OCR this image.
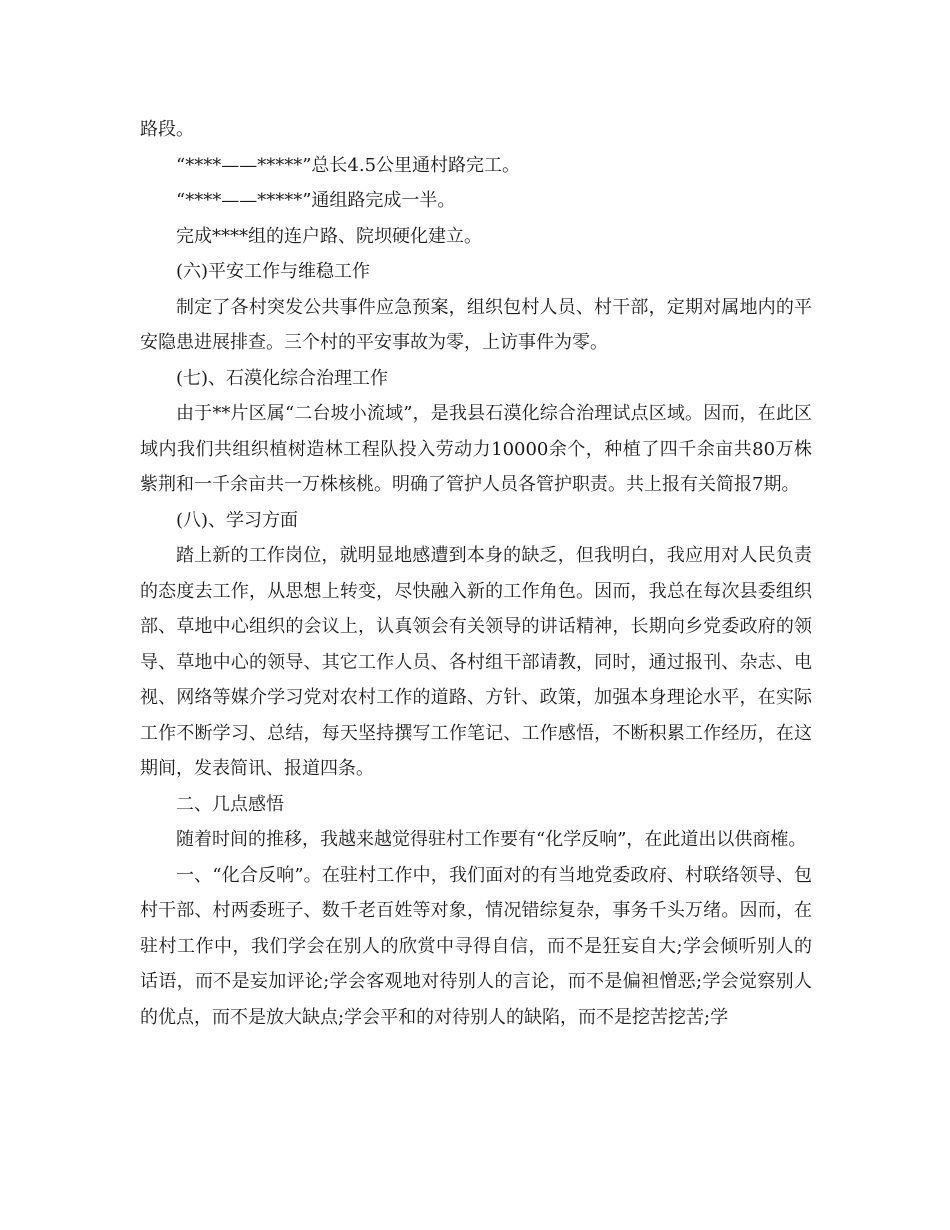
路段。

“****——*****”总长4.5公里通村路完工。

“****——*****”通组路完成一半。

完成****组的连户路、院坝硬化建立。

(六)平安工作与维稳工作

制定了各村突发公共事件应急预案，组织包村人员、村干部，定期对属地内的平安隐患进展排查。三个村的平安事故为零，上访事件为零。

(七)、石漠化综合治理工作

由于**片区属“二台坡小流域”，是我县石漠化综合治理试点区域。因而，在此区域内我们共组织植树造林工程队投入劳动力10000余个，种植了四千余亩共80万株紫荆和一千余亩共一万株核桃。明确了管护人员各管护职责。共上报有关简报7期。

(八)、学习方面

踏上新的工作岗位，就明显地感遭到本身的缺乏，但我明白，我应用对人民负责的态度去工作，从思想上转变，尽快融入新的工作角色。因而，我总在每次县委组织部、草地中心组织的会议上，认真领会有关领导的讲话精神，长期向乡党委政府的领导、草地中心的领导、其它工作人员、各村组干部请教，同时，通过报刊、杂志、电视、网络等媒介学习党对农村工作的道路、方针、政策，加强本身理论水平，在实际工作不断学习、总结，每天坚持撰写工作笔记、工作感悟，不断积累工作经历，在这期间，发表简讯、报道四条。

二、几点感悟

随着时间的推移，我越来越觉得驻村工作要有“化学反响”，在此道出以供商榷。

一、“化合反响”。在驻村工作中，我们面对的有当地党委政府、村联络领导、包村干部、村两委班子、数千老百姓等对象，情况错综复杂，事务千头万绪。因而，在驻村工作中，我们学会在别人的欣赏中寻得自信，而不是狂妄自大;学会倾听别人的话语，而不是妄加评论;学会客观地对待别人的言论，而不是偏袒憎恶;学会觉察别人的优点，而不是放大缺点;学会平和的对待别人的缺陷，而不是挖苦挖苦;学
